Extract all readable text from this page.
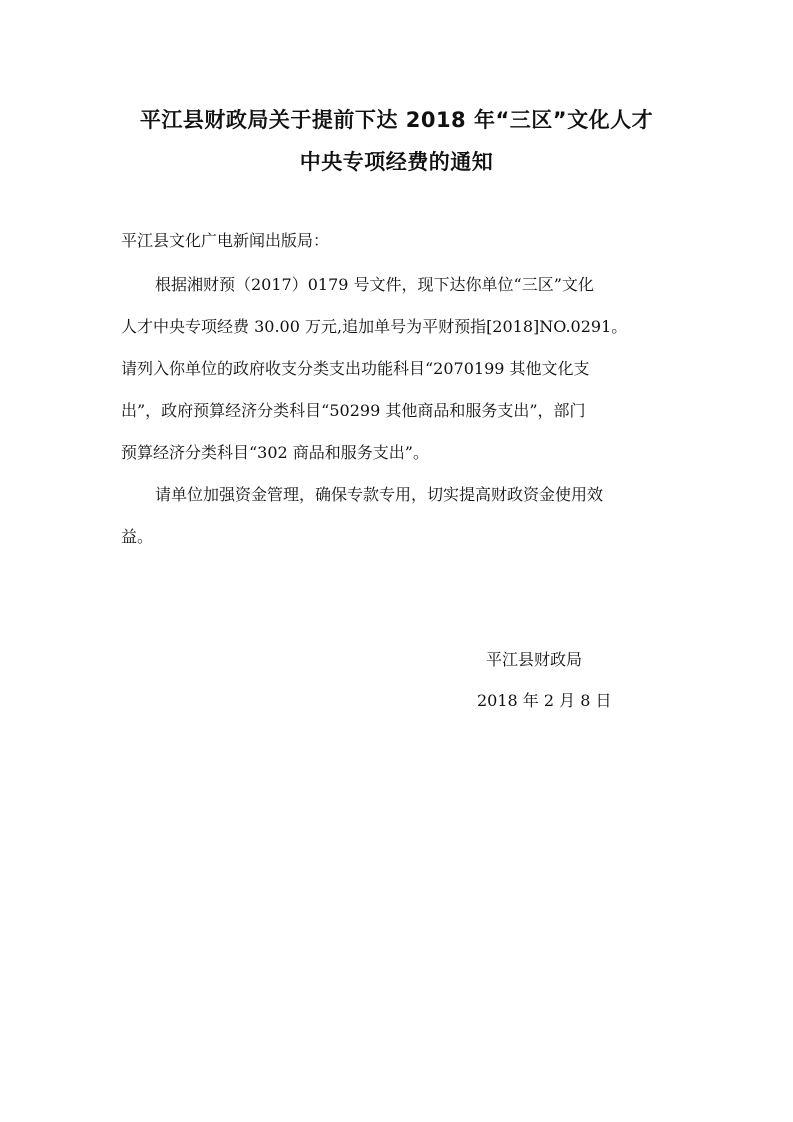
平江县财政局关于提前下达 2018 年“三区”文化人才
中央专项经费的通知
平江县文化广电新闻出版局：
根据湘财预（2017）0179 号文件，现下达你单位“三区”文化
人才中央专项经费 30.00 万元,追加单号为平财预指[2018]NO.0291。
请列入你单位的政府收支分类支出功能科目“2070199 其他文化支
出”，政府预算经济分类科目“50299 其他商品和服务支出”，部门
预算经济分类科目“302 商品和服务支出”。
请单位加强资金管理，确保专款专用，切实提高财政资金使用效
益。
平江县财政局
2018 年 2 月 8 日
